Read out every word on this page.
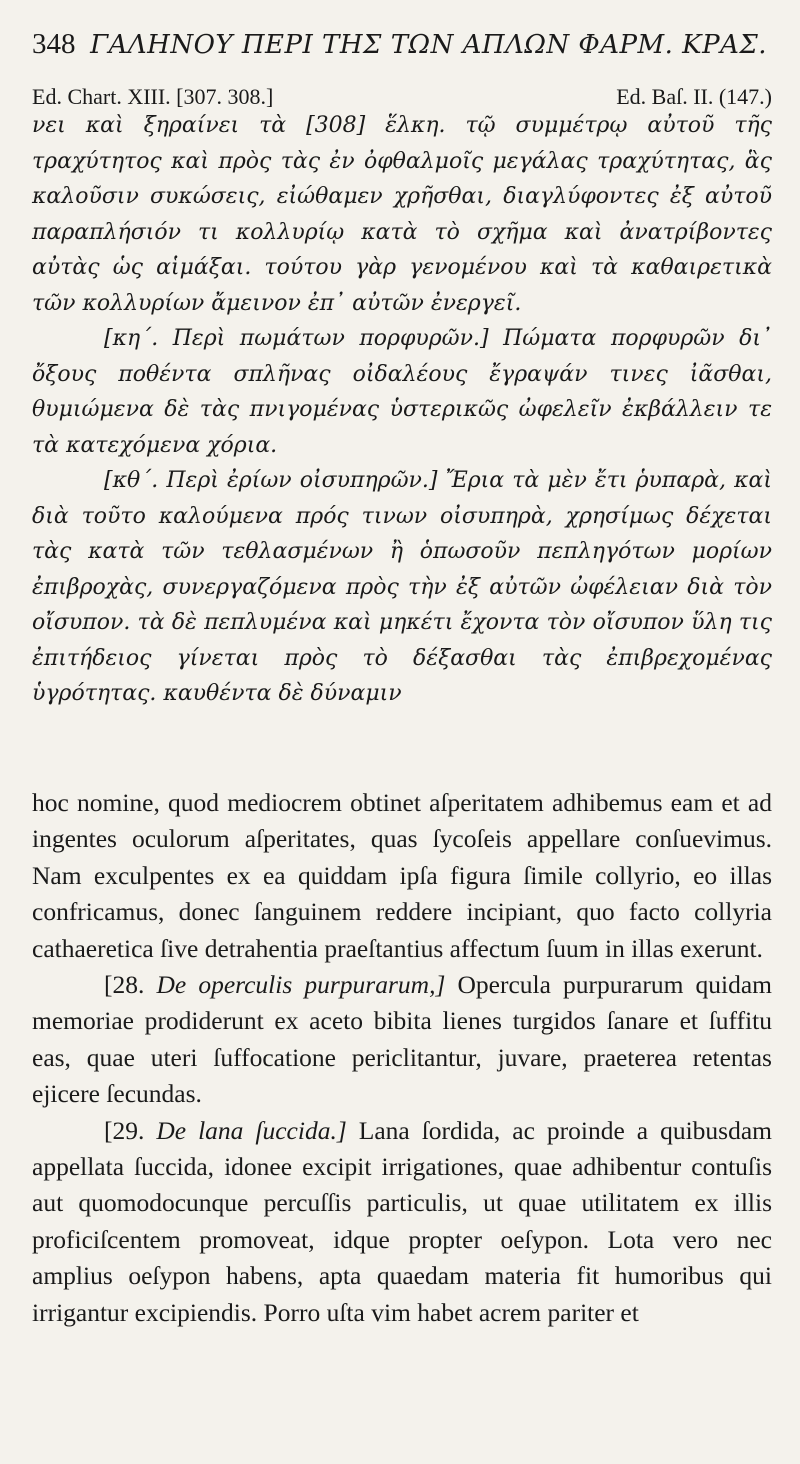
348 ΓΑΛΗΝΟΥ ΠΕΡΙ ΤΗΣ ΤΩΝ ΑΠΛΩΝ ΦΑΡΜ. ΚΡΑΣ.
Ed. Chart. XIII. [307. 308.]	Ed. Baſ. II. (147.)

νει καὶ ξηραίνει τὰ [308] ἕλκη. τῷ συμμέτρῳ αὐτοῦ τῆς τραχύτητος καὶ πρὸς τὰς ἐν ὀφθαλμοῖς μεγάλας τραχύτητας, ἃς καλοῦσιν συκώσεις, εἰώθαμεν χρῆσθαι, διαγλύφοντες ἐξ αὐτοῦ παραπλήσιόν τι κολλυρίῳ κατὰ τὸ σχῆμα καὶ ἀνατρίβοντες αὐτὰς ὡς αἱμάξαι. τούτου γὰρ γενομένου καὶ τὰ καθαιρετικὰ τῶν κολλυρίων ἄμεινον ἐπ᾽ αὐτῶν ἐνεργεῖ.

[κη΄. Περὶ πωμάτων πορφυρῶν.] Πώματα πορφυρῶν δι᾽ ὄξους ποθέντα σπλῆνας οἰδαλέους ἔγραψάν τινες ἰᾶσθαι, θυμιώμενα δὲ τὰς πνιγομένας ὑστερικῶς ὠφελεῖν ἐκβάλλειν τε τὰ κατεχόμενα χόρια.

[κθ΄. Περὶ ἐρίων οἰσυπηρῶν.] Ἔρια τὰ μὲν ἔτι ῥυπαρὰ, καὶ διὰ τοῦτο καλούμενα πρός τινων οἰσυπηρὰ, χρησίμως δέχεται τὰς κατὰ τῶν τεθλασμένων ἢ ὁπωσοῦν πεπληγότων μορίων ἐπιβροχὰς, συνεργαζόμενα πρὸς τὴν ἐξ αὐτῶν ὠφέλειαν διὰ τὸν οἴσυπον. τὰ δὲ πεπλυμένα καὶ μηκέτι ἔχοντα τὸν οἴσυπον ὕλη τις ἐπιτήδειος γίνεται πρὸς τὸ δέξασθαι τὰς ἐπιβρεχομένας ὑγρότητας. καυθέντα δὲ δύναμιν

hoc nomine, quod mediocrem obtinet aſperitatem adhibemus eam et ad ingentes oculorum aſperitates, quas ſycoſeis appellare conſuevimus. Nam exculpentes ex ea quiddam ipſa figura ſimile collyrio, eo illas confricamus, donec ſanguinem reddere incipiant, quo facto collyria cathaeretica ſive detrahentia praeſtantius affectum ſuum in illas exerunt.

[28. De operculis purpurarum,] Opercula purpurarum quidam memoriae prodiderunt ex aceto bibita lienes turgidos ſanare et ſuffitu eas, quae uteri ſuffocatione periclitantur, juvare, praeterea retentas ejicere ſecundas.

[29. De lana ſuccida.] Lana ſordida, ac proinde a quibusdam appellata ſuccida, idonee excipit irrigationes, quae adhibentur contuſis aut quomodocunque percuſſis particulis, ut quae utilitatem ex illis proficiſcentem promoveat, idque propter oeſypon. Lota vero nec amplius oeſypon habens, apta quaedam materia fit humoribus qui irrigantur excipiendis. Porro uſta vim habet acrem pariter et
